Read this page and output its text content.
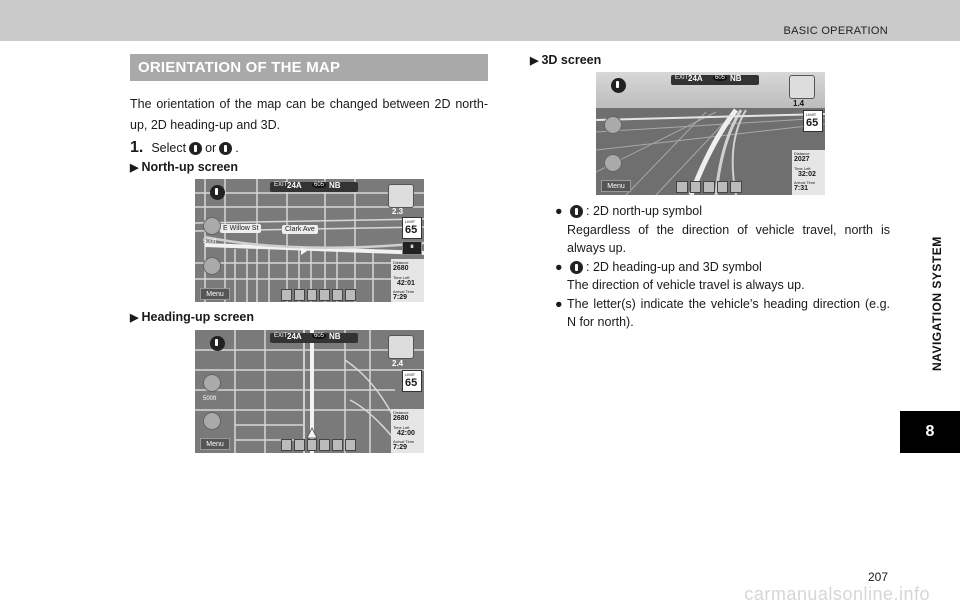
BASIC OPERATION
NAVIGATION SYSTEM
8
ORIENTATION OF THE MAP
The orientation of the map can be changed between 2D north-up, 2D heading-up and 3D.
1. Select or .
▶ North-up screen
EXIT 24A	605 NB
E Willow St	Clark Ave
500ft
Menu
2.3
LIMIT
65
⏸
Distance
2680
Time Left
42:01
Arrival Time
7:29
▶ Heading-up screen
EXIT 24A	605 NB
500ft
Menu
2.4
LIMIT
65
Distance
2680
Time Left
42:00
Arrival Time
7:29
▶ 3D screen
EXIT 24A	605 NB
Menu
1.4
LIMIT
65
Distance
2027
Time Left
32:02
Arrival Time
7:31
●	: 2D north-up symbol
Regardless of the direction of vehicle travel, north is always up.
●	: 2D heading-up and 3D symbol
The direction of vehicle travel is always up.
● The letter(s) indicate the vehicle’s heading direction (e.g. N for north).
207
carmanualsonline.info
